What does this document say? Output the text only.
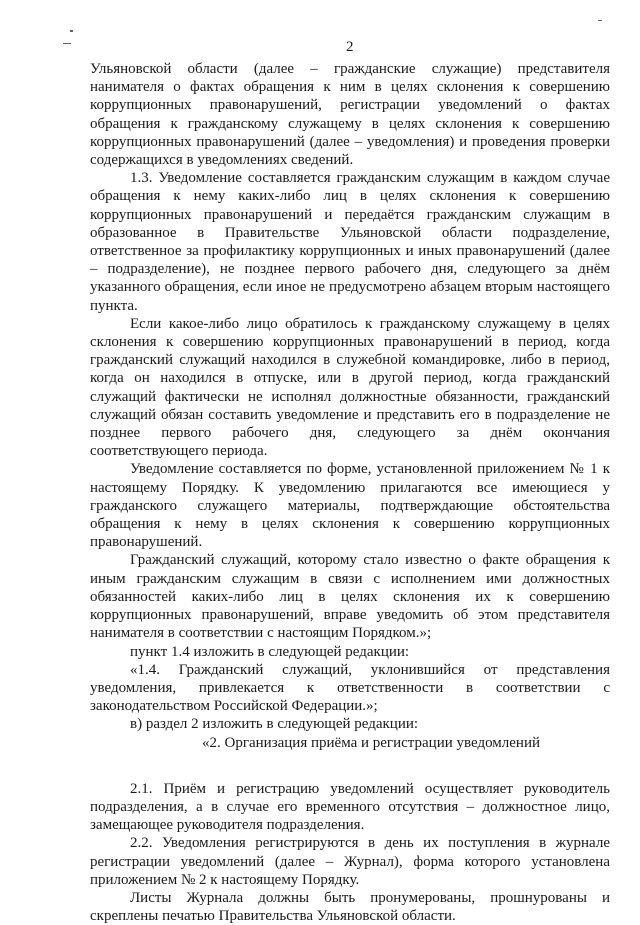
2

Ульяновской области (далее – гражданские служащие) представителя нанимателя о фактах обращения к ним в целях склонения к совершению коррупционных правонарушений, регистрации уведомлений о фактах обращения к гражданскому служащему в целях склонения к совершению коррупционных правонарушений (далее – уведомления) и проведения проверки содержащихся в уведомлениях сведений.

1.3. Уведомление составляется гражданским служащим в каждом случае обращения к нему каких-либо лиц в целях склонения к совершению коррупционных правонарушений и передаётся гражданским служащим в образованное в Правительстве Ульяновской области подразделение, ответственное за профилактику коррупционных и иных правонарушений (далее – подразделение), не позднее первого рабочего дня, следующего за днём указанного обращения, если иное не предусмотрено абзацем вторым настоящего пункта.

Если какое-либо лицо обратилось к гражданскому служащему в целях склонения к совершению коррупционных правонарушений в период, когда гражданский служащий находился в служебной командировке, либо в период, когда он находился в отпуске, или в другой период, когда гражданский служащий фактически не исполнял должностные обязанности, гражданский служащий обязан составить уведомление и представить его в подразделение не позднее первого рабочего дня, следующего за днём окончания соответствующего периода.

Уведомление составляется по форме, установленной приложением № 1 к настоящему Порядку. К уведомлению прилагаются все имеющиеся у гражданского служащего материалы, подтверждающие обстоятельства обращения к нему в целях склонения к совершению коррупционных правонарушений.

Гражданский служащий, которому стало известно о факте обращения к иным гражданским служащим в связи с исполнением ими должностных обязанностей каких-либо лиц в целях склонения их к совершению коррупционных правонарушений, вправе уведомить об этом представителя нанимателя в соответствии с настоящим Порядком.»;

пункт 1.4 изложить в следующей редакции:

«1.4. Гражданский служащий, уклонившийся от представления уведомления, привлекается к ответственности в соответствии с законодательством Российской Федерации.»;

в) раздел 2 изложить в следующей редакции:

«2. Организация приёма и регистрации уведомлений

2.1. Приём и регистрацию уведомлений осуществляет руководитель подразделения, а в случае его временного отсутствия – должностное лицо, замещающее руководителя подразделения.

2.2. Уведомления регистрируются в день их поступления в журнале регистрации уведомлений (далее – Журнал), форма которого установлена приложением № 2 к настоящему Порядку.

Листы Журнала должны быть пронумерованы, прошнурованы и скреплены печатью Правительства Ульяновской области.
